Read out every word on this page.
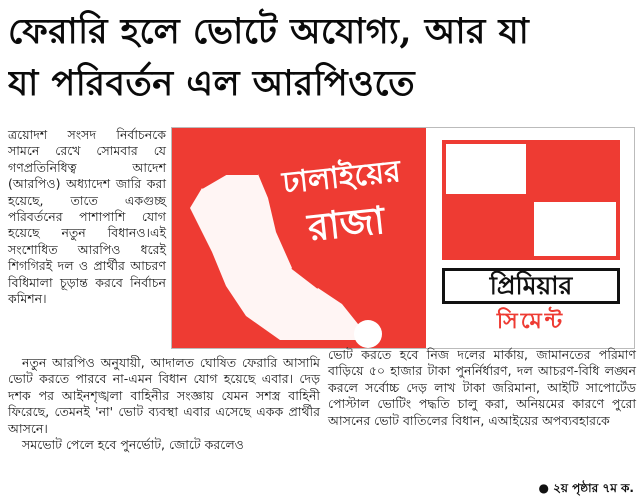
ফেরারি হলে ভোটে অযোগ্য, আর যা
যা পরিবর্তন এল আরপিওতে

ত্রয়োদশ সংসদ নির্বাচনকে সামনে রেখে সোমবার যে গণপ্রতিনিধিত্ব আদেশ (আরপিও) অধ্যাদেশ জারি করা হয়েছে, তাতে একগুচ্ছ পরিবর্তনের পাশাপাশি যোগ হয়েছে নতুন বিধানও।এই সংশোধিত আরপিও ধরেই শিগগিরই দল ও প্রার্থীর আচরণ বিধিমালা চূড়ান্ত করবে নির্বাচন কমিশন।

ঢালাইয়ের
রাজা
প্রিমিয়ার
সিমেন্ট

নতুন আরপিও অনুযায়ী, আদালত ঘোষিত ফেরারি আসামি ভোট করতে পারবে না-এমন বিধান যোগ হয়েছে এবার। দেড় দশক পর আইনশৃঙ্খলা বাহিনীর সংজ্ঞায় যেমন সশস্ত্র বাহিনী ফিরেছে, তেমনই 'না' ভোট ব্যবস্থা এবার এসেছে একক প্রার্থীর আসনে।

সমভোট পেলে হবে পুনর্ভোট, জোটে করলেও

ভোট করতে হবে নিজ দলের মার্কায়, জামানতের পরিমাণ বাড়িয়ে ৫০ হাজার টাকা পুনর্নির্ধারণ, দল আচরণ-বিধি লঙ্ঘন করলে সর্বোচ্চ দেড় লাখ টাকা জরিমানা, আইটি সাপোর্টেড পোস্টাল ভোটিং পদ্ধতি চালু করা, অনিয়মের কারণে পুরো আসনের ভোট বাতিলের বিধান, এআইয়ের অপব্যবহারকে

● ২য় পৃষ্ঠার ৭ম ক.
